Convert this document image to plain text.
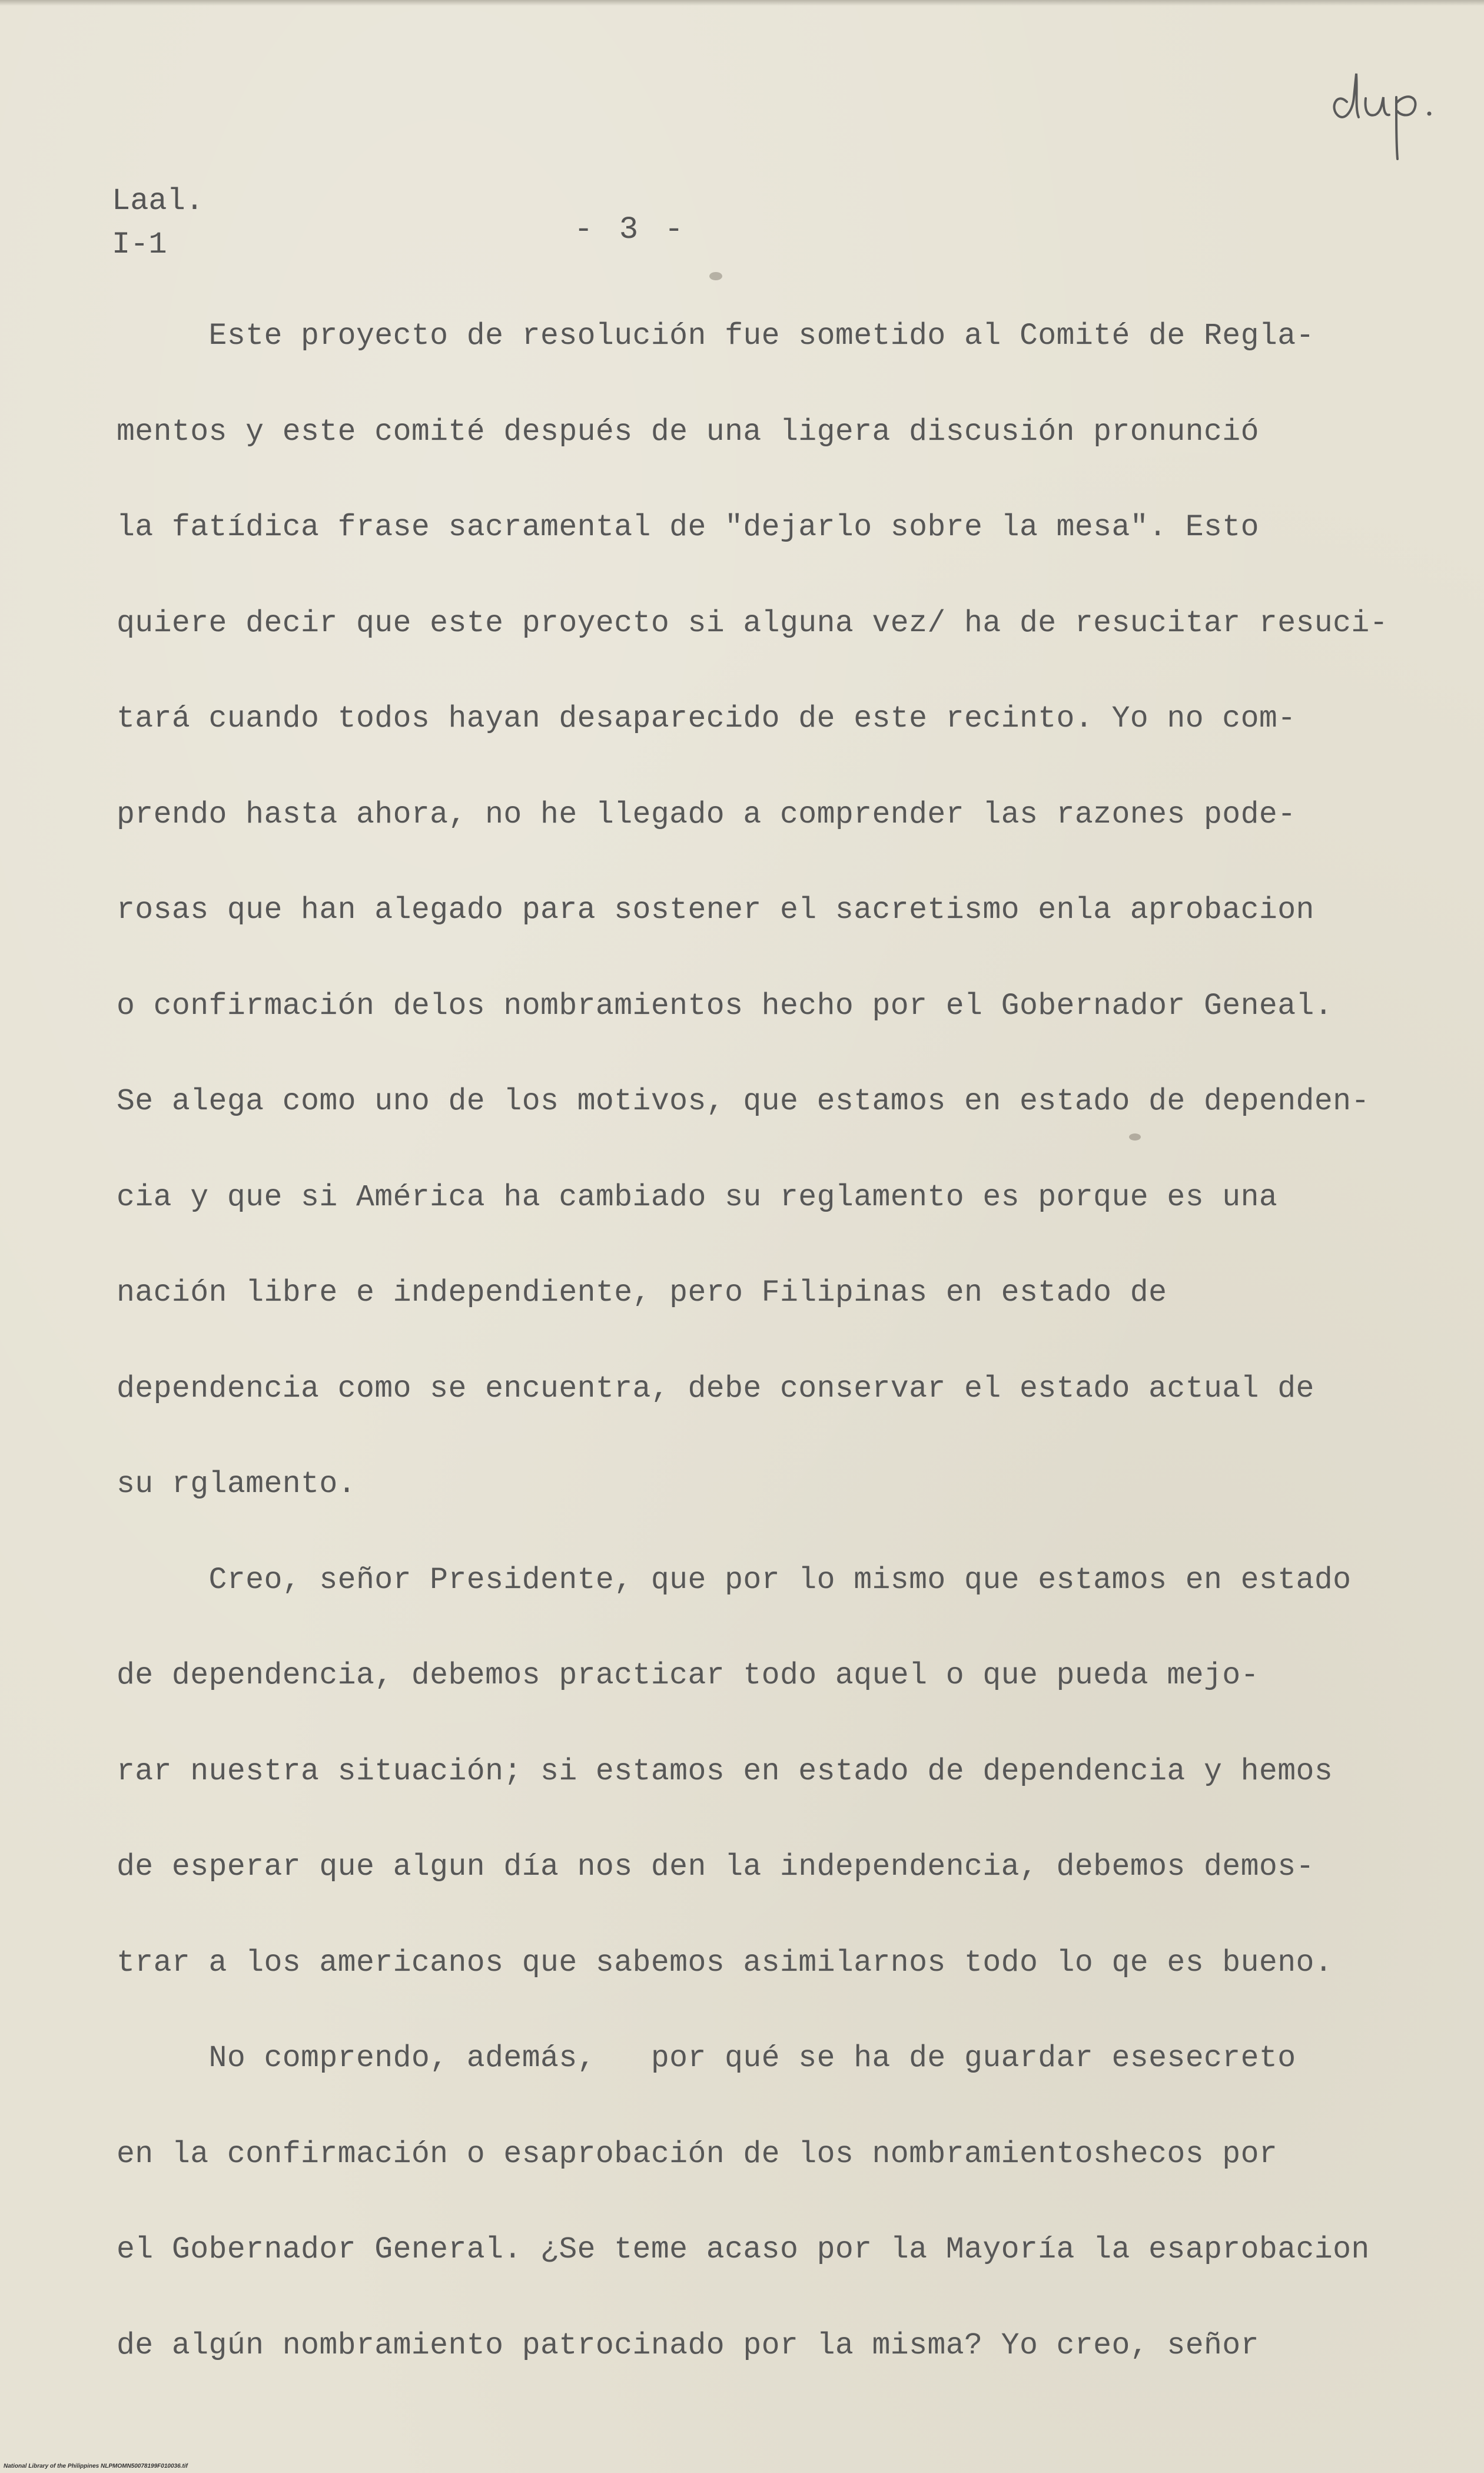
Laal.
I-1	- 3 -
Este proyecto de resolución fue sometido al Comité de Regla-
mentos y este comité después de una ligera discusión pronunció
la fatídica frase sacramental de "dejarlo sobre la mesa". Esto
quiere decir que este proyecto si alguna vez/ ha de resucitar resuci-
tará cuando todos hayan desaparecido de este recinto. Yo no com-
prendo hasta ahora, no he llegado a comprender las razones pode-
rosas que han alegado para sostener el sacretismo enla aprobacion
o confirmación delos nombramientos hecho por el Gobernador Geneal.
Se alega como uno de los motivos, que estamos en estado de dependen-
cia y que si América ha cambiado su reglamento es porque es una
nación libre e independiente, pero Filipinas en estado de
dependencia como se encuentra, debe conservar el estado actual de
su rglamento.
Creo, señor Presidente, que por lo mismo que estamos en estado
de dependencia, debemos practicar todo aquel o que pueda mejo-
rar nuestra situación; si estamos en estado de dependencia y hemos
de esperar que algun día nos den la independencia, debemos demos-
trar a los americanos que sabemos asimilarnos todo lo qe es bueno.
No comprendo, además,   por qué se ha de guardar esesecreto
en la confirmación o esaprobación de los nombramientoshecos por
el Gobernador General. ¿Se teme acaso por la Mayoría la esaprobacion
de algún nombramiento patrocinado por la misma? Yo creo, señor
National Library of the Philippines NLPMOMN50078199F010036.tif
